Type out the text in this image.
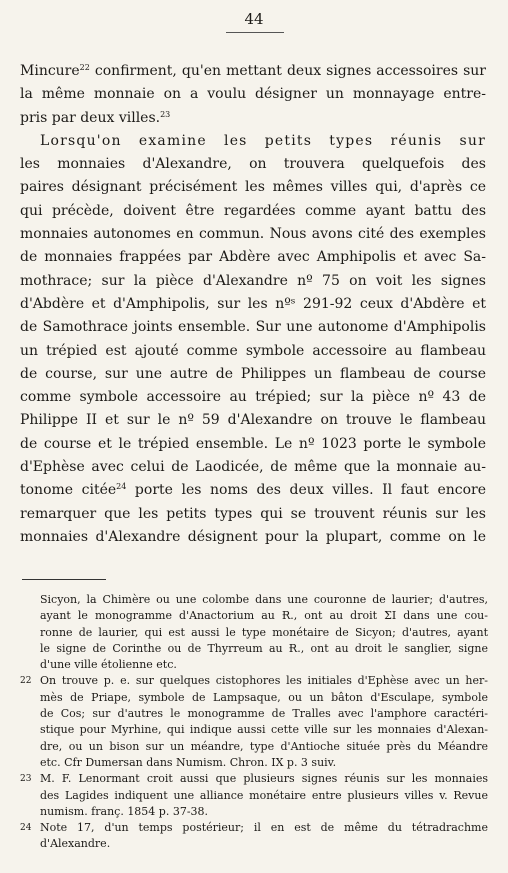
44
Mincure$^{22}$ confirment, qu'en mettant deux signes accessoires sur
la même monnaie on a voulu désigner un monnayage entre-
pris par deux villes.$^{23}$
Lorsqu'on examine les petits types réunis sur
les monnaies d'Alexandre, on trouvera quelquefois des
paires désignant précisément les mêmes villes qui, d'après ce
qui précède, doivent être regardées comme ayant battu des
monnaies autonomes en commun. Nous avons cité des exemples
de monnaies frappées par Abdère avec Amphipolis et avec Sa-
mothrace; sur la pièce d'Alexandre nº 75 on voit les signes
d'Abdère et d'Amphipolis, sur les nºˢ 291-92 ceux d'Abdère et
de Samothrace joints ensemble. Sur une autonome d'Amphipolis
un trépied est ajouté comme symbole accessoire au flambeau
de course, sur une autre de Philippes un flambeau de course
comme symbole accessoire au trépied; sur la pièce nº 43 de
Philippe II et sur le nº 59 d'Alexandre on trouve le flambeau
de course et le trépied ensemble. Le nº 1023 porte le symbole
d'Ephèse avec celui de Laodicée, de même que la monnaie au-
tonome citée$^{24}$ porte les noms des deux villes. Il faut encore
remarquer que les petits types qui se trouvent réunis sur les
monnaies d'Alexandre désignent pour la plupart, comme on le
Sicyon, la Chimère ou une colombe dans une couronne de laurier; d'autres,
ayant le monogramme d'Anactorium au Ɍ., ont au droit ΣΙ dans une cou-
ronne de laurier, qui est aussi le type monétaire de Sicyon; d'autres, ayant
le signe de Corinthe ou de Thyrreum au Ɍ., ont au droit le sanglier, signe
d'une ville étolienne etc.
22 On trouve p. e. sur quelques cistophores les initiales d'Ephèse avec un her-
mès de Priape, symbole de Lampsaque, ou un bâton d'Esculape, symbole
de Cos; sur d'autres le monogramme de Tralles avec l'amphore caractéri-
stique pour Myrhine, qui indique aussi cette ville sur les monnaies d'Alexan-
dre, ou un bison sur un méandre, type d'Antioche située près du Méandre
etc. Cfr Dumersan dans Numism. Chron. IX p. 3 suiv.
23 M. F. Lenormant croit aussi que plusieurs signes réunis sur les monnaies
des Lagides indiquent une alliance monétaire entre plusieurs villes v. Revue
numism. franç. 1854 p. 37-38.
24 Note 17, d'un temps postérieur; il en est de même du tétradrachme
d'Alexandre.
